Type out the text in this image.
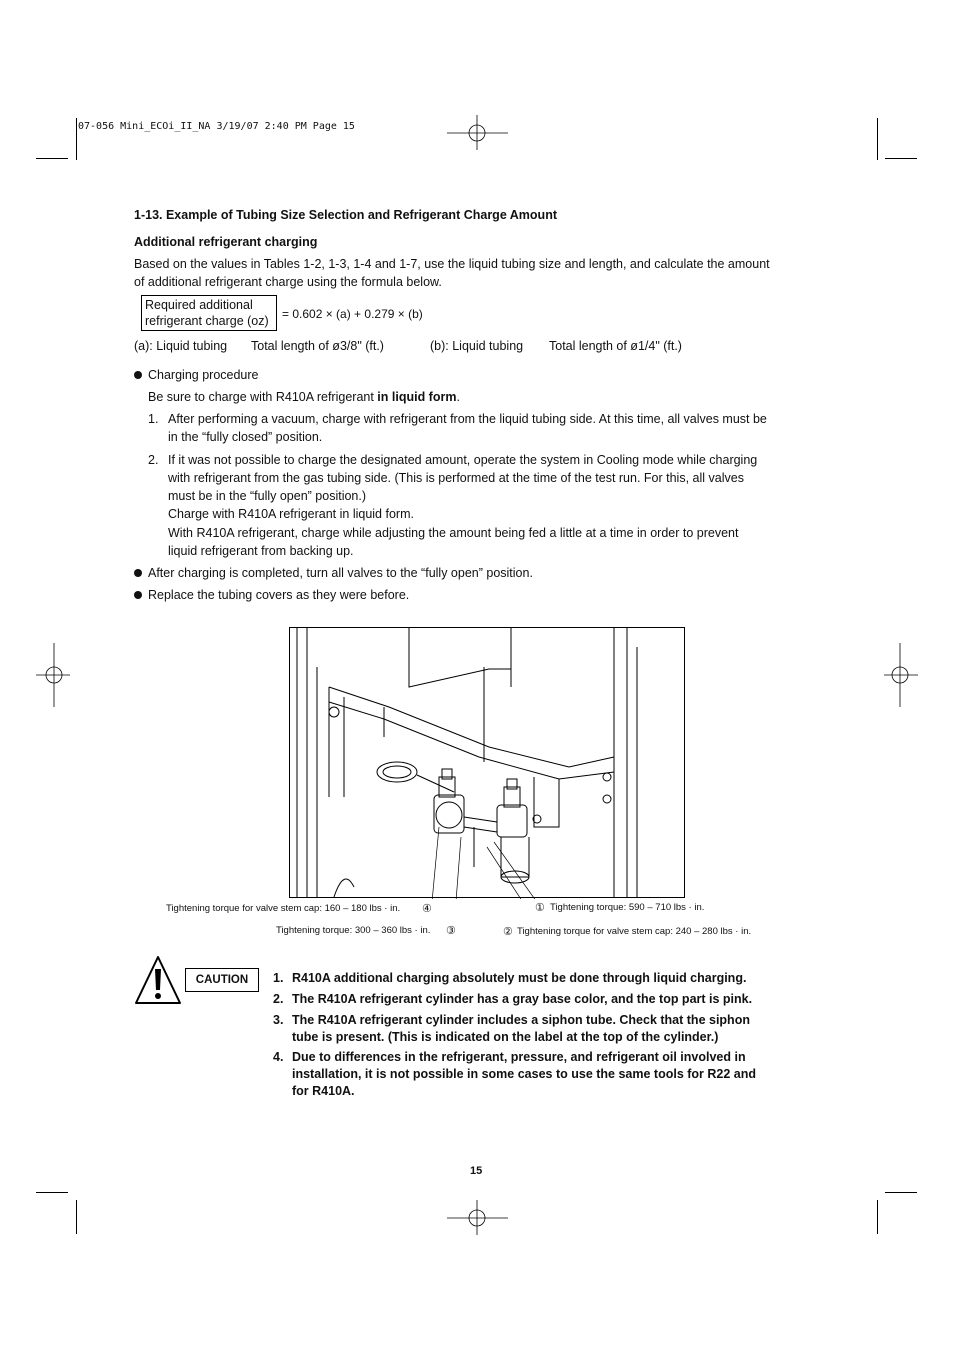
07-056 Mini_ECOi_II_NA 3/19/07 2:40 PM Page 15
1-13. Example of Tubing Size Selection and Refrigerant Charge Amount
Additional refrigerant charging
Based on the values in Tables 1-2, 1-3, 1-4 and 1-7, use the liquid tubing size and length, and calculate the amount
of additional refrigerant charge using the formula below.
Required additional
refrigerant charge (oz)	= 0.602 × (a) + 0.279 × (b)
(a): Liquid tubing Total length of ø3/8" (ft.)	(b): Liquid tubing Total length of ø1/4" (ft.)
Charging procedure
Be sure to charge with R410A refrigerant in liquid form.
1. After performing a vacuum, charge with refrigerant from the liquid tubing side. At this time, all valves must be
in the “fully closed” position.
2. If it was not possible to charge the designated amount, operate the system in Cooling mode while charging
with refrigerant from the gas tubing side. (This is performed at the time of the test run. For this, all valves
must be in the “fully open” position.)
Charge with R410A refrigerant in liquid form.
With R410A refrigerant, charge while adjusting the amount being fed a little at a time in order to prevent
liquid refrigerant from backing up.
After charging is completed, turn all valves to the “fully open” position.
Replace the tubing covers as they were before.
Tightening torque for valve stem cap: 160 – 180 lbs · in. ④
Tightening torque: 300 – 360 lbs · in. ③
① Tightening torque: 590 – 710 lbs · in.
② Tightening torque for valve stem cap: 240 – 280 lbs · in.
CAUTION	1. R410A additional charging absolutely must be done through liquid charging.
2. The R410A refrigerant cylinder has a gray base color, and the top part is pink.
3. The R410A refrigerant cylinder includes a siphon tube. Check that the siphon
tube is present. (This is indicated on the label at the top of the cylinder.)
4. Due to differences in the refrigerant, pressure, and refrigerant oil involved in
installation, it is not possible in some cases to use the same tools for R22 and
for R410A.
15
